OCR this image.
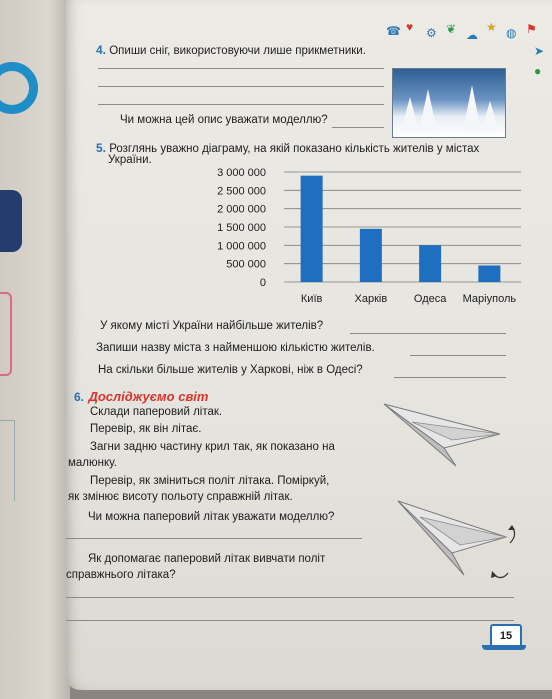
☎ ♥ ⚙ ❦ ☁
★ ◍ ⚑
➤
●
4. Опиши сніг, використовуючи лише прикметники.
Чи можна цей опис уважати моделлю?
5. Розглянь уважно діаграму, на якій показано кількість жителів у містах
України.
0
500 000
1 000 000
1 500 000
2 000 000
2 500 000
3 000 000
Київ	Харків Одеса Маріуполь
У якому місті України найбільше жителів?
Запиши назву міста з найменшою кількістю жителів.
На скільки більше жителів у Харкові, ніж в Одесі?
6. Досліджуємо світ
Склади паперовий літак.
Перевір, як він літає.
Загни задню частину крил так, як показано на
малюнку.
Перевір, як зміниться політ літака. Поміркуй,
як змінює висоту польоту справжній літак.
Чи можна паперовий літак уважати моделлю?
Як допомагає паперовий літак вивчати політ
справжнього літака?
15
